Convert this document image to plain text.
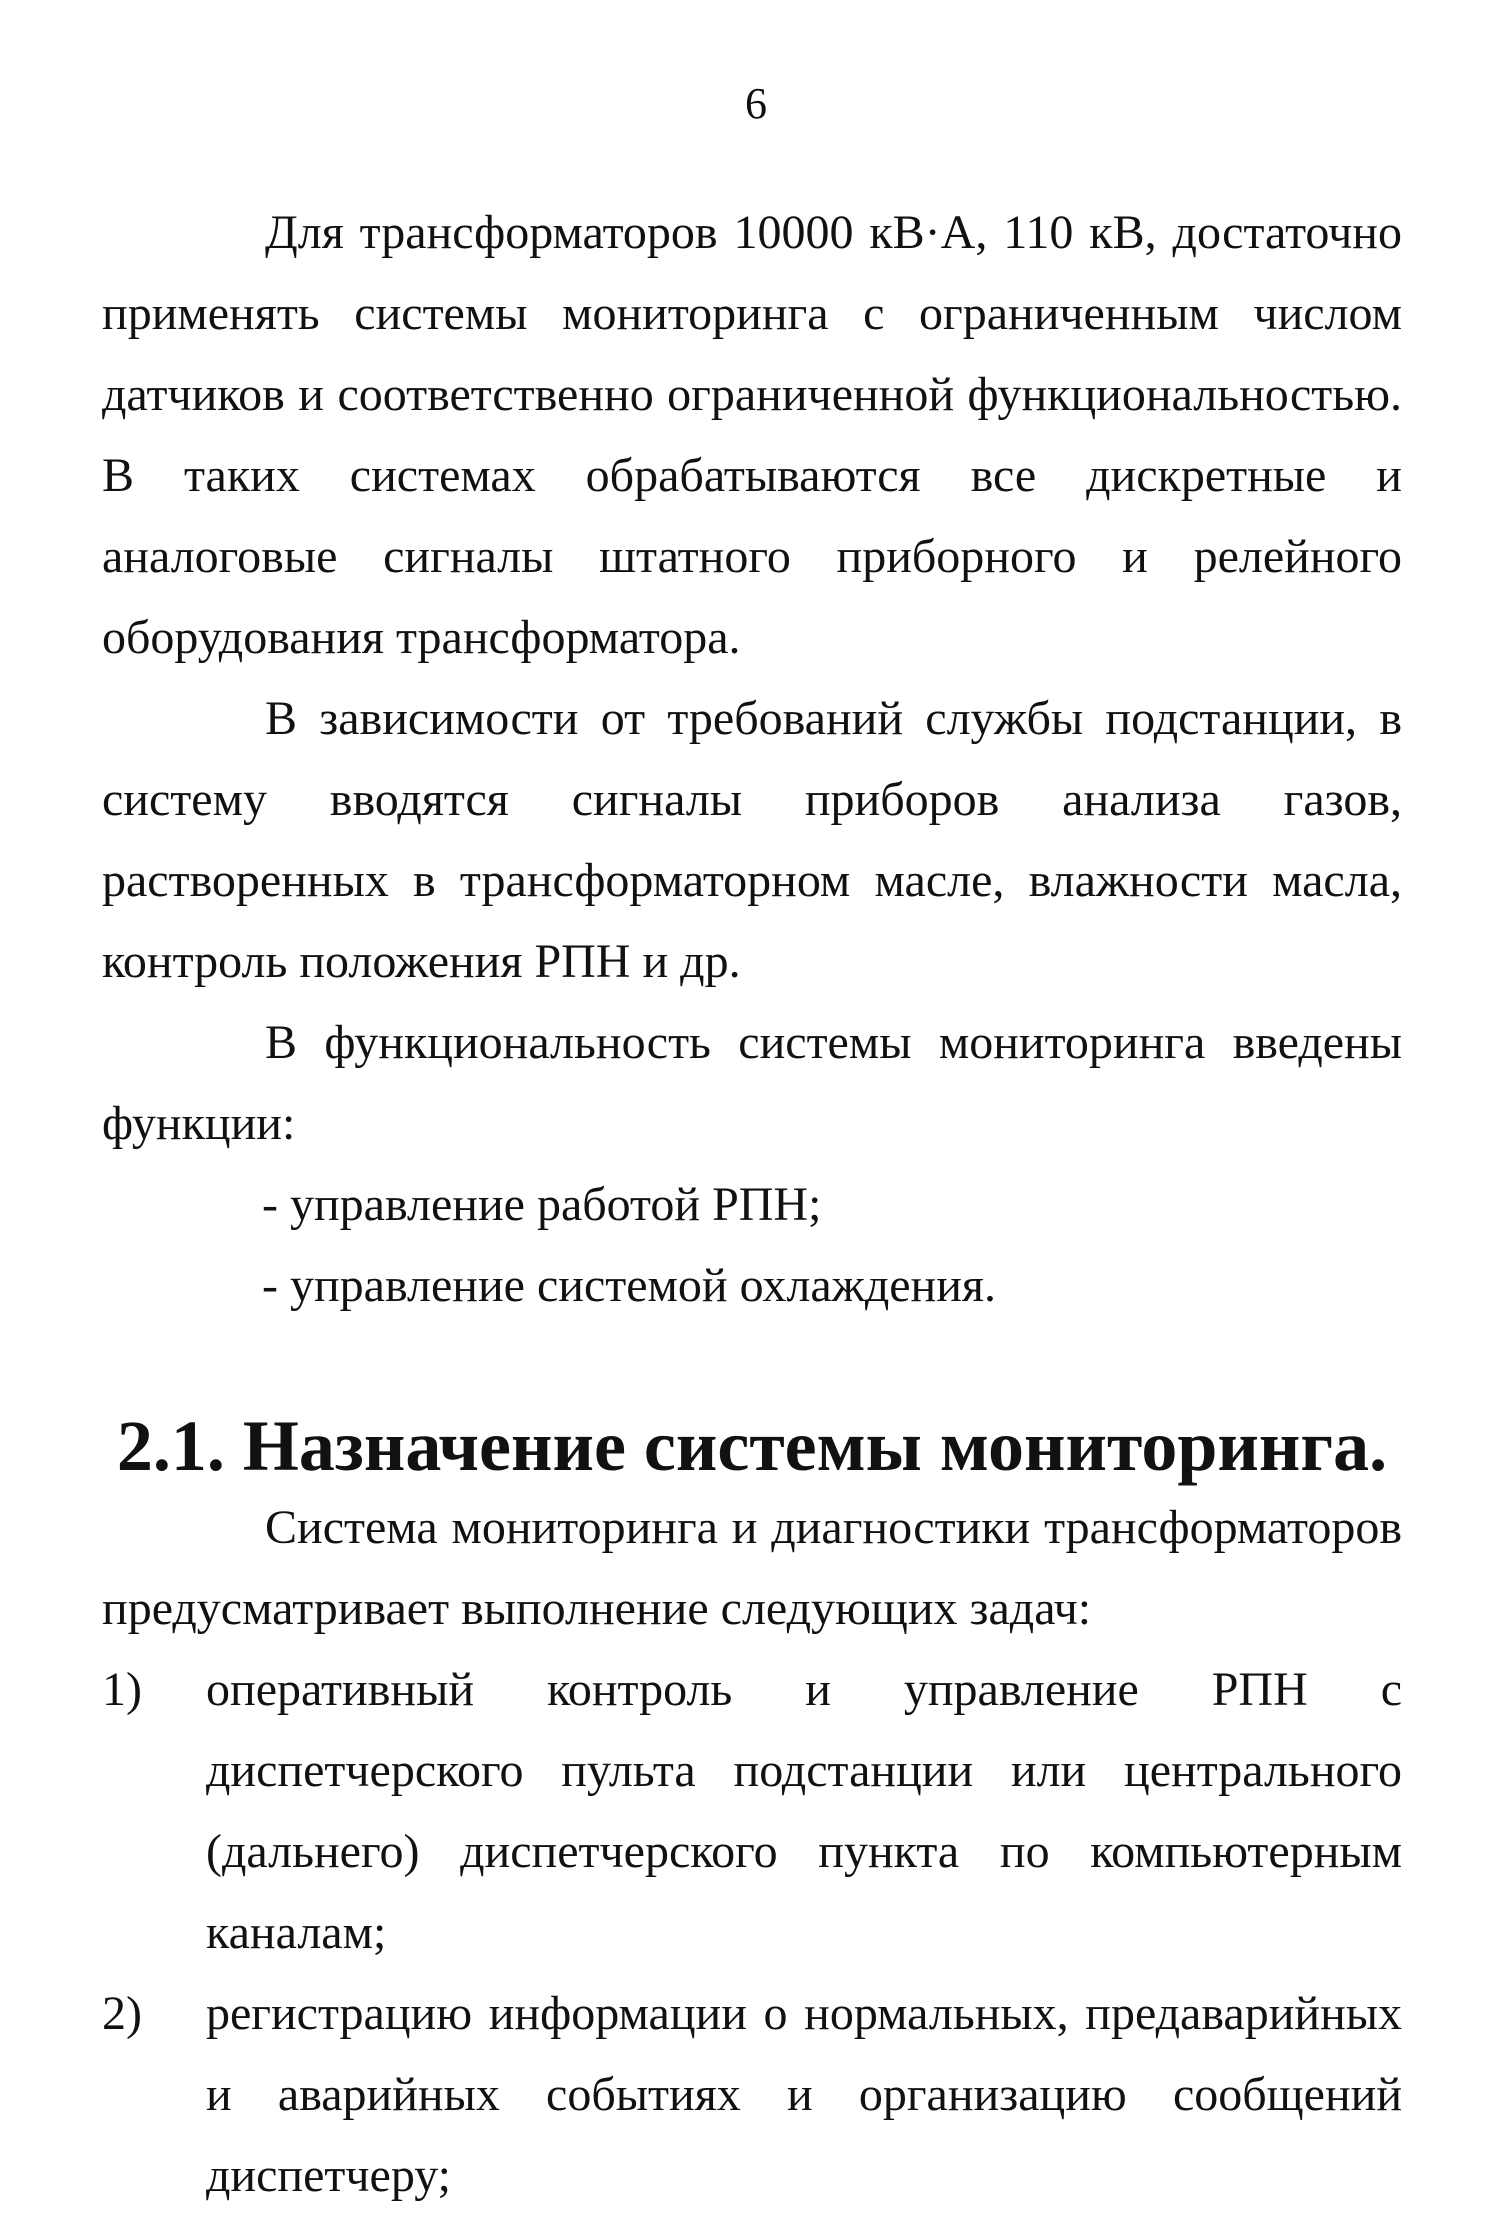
6

Для трансформаторов 10000 кВ·А, 110 кВ, достаточно применять системы мониторинга с ограниченным числом датчиков и соответственно ограниченной функциональностью. В таких системах обрабатываются все дискретные и аналоговые сигналы штатного приборного и релейного оборудования трансформатора.

В зависимости от требований службы подстанции, в систему вводятся сигналы приборов анализа газов, растворенных в трансформаторном масле, влажности масла, контроль положения РПН и др.

В функциональность системы мониторинга введены функции:

- управление работой РПН;

- управление системой охлаждения.

2.1. Назначение системы мониторинга.

Система мониторинга и диагностики трансформаторов предусматривает выполнение следующих задач:

1)	оперативный контроль и управление РПН с диспетчерского пульта подстанции или центрального (дальнего) диспетчерского пункта по компьютерным каналам;
2)	регистрацию информации о нормальных, предаварийных и аварийных событиях и организацию сообщений диспетчеру;
